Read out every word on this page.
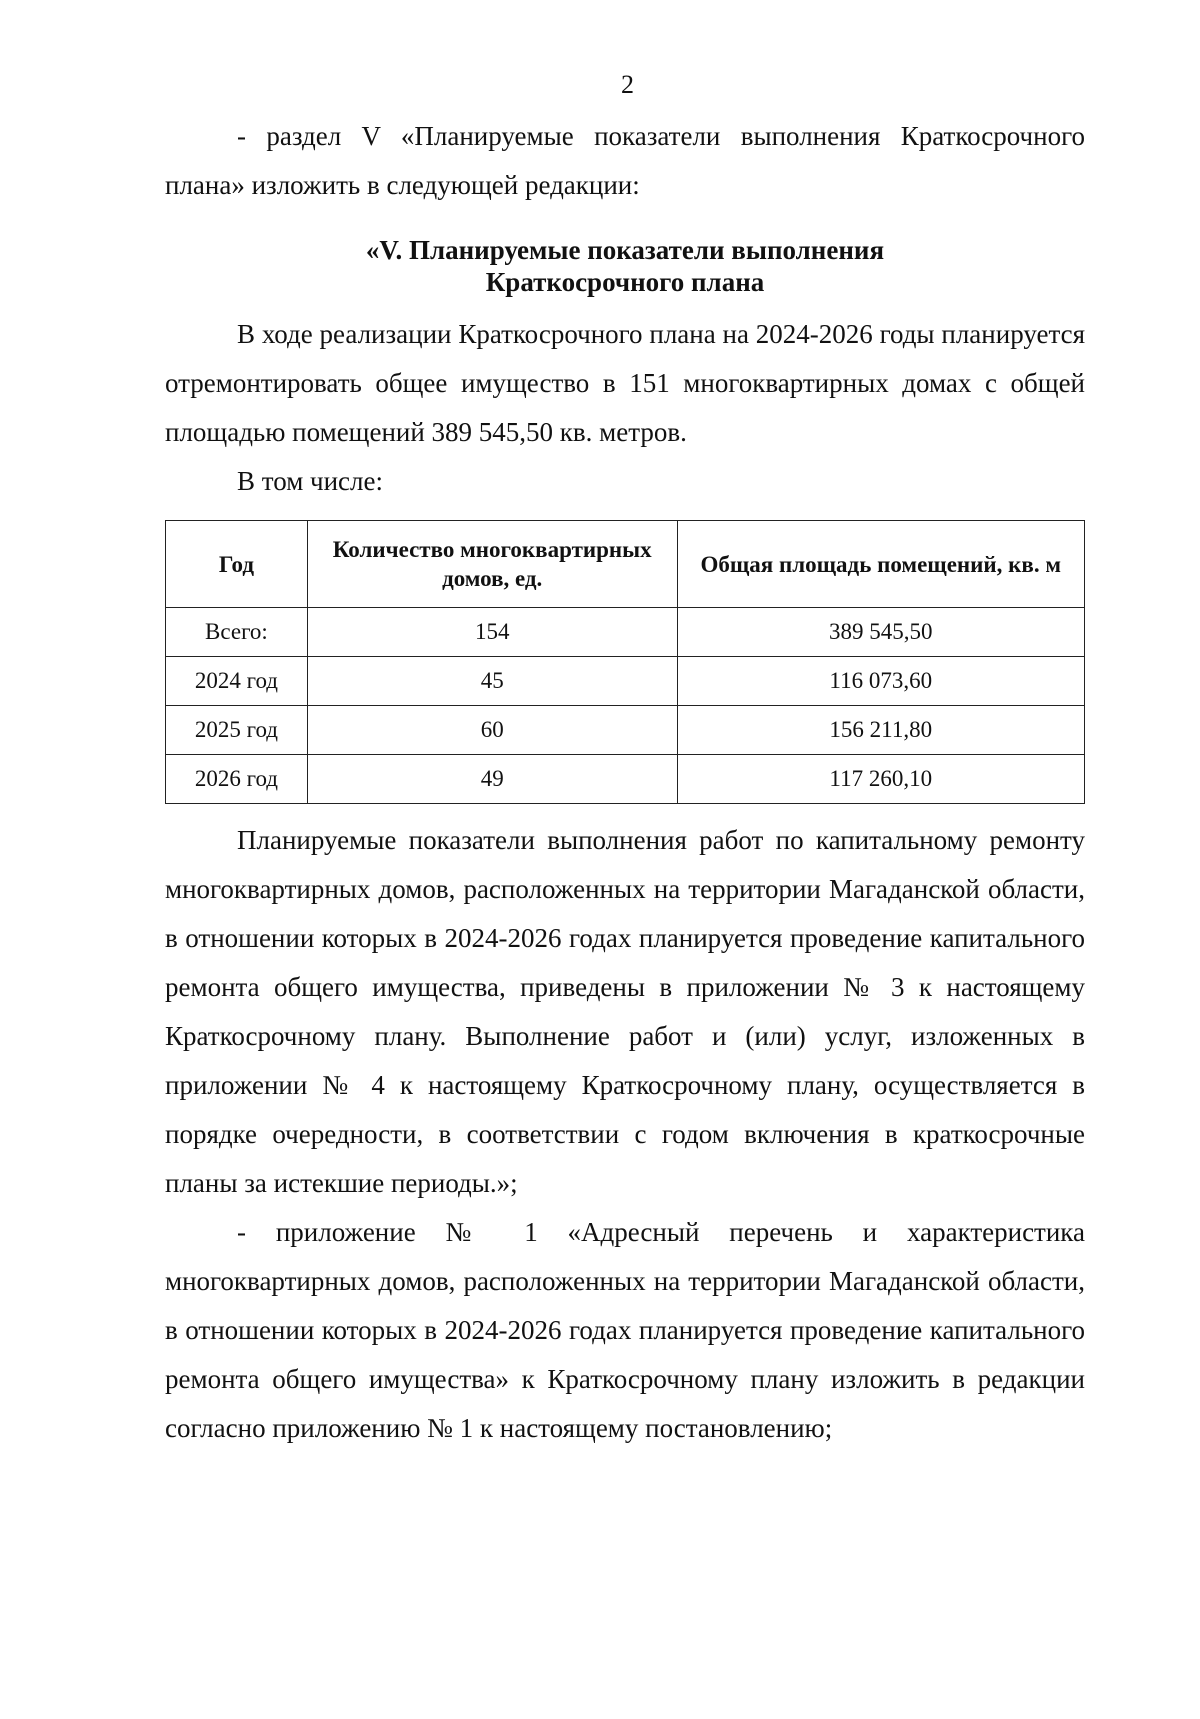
2

- раздел V «Планируемые показатели выполнения Краткосрочного плана» изложить в следующей редакции:

«V. Планируемые показатели выполнения
Краткосрочного плана

В ходе реализации Краткосрочного плана на 2024-2026 годы планируется отремонтировать общее имущество в 151 многоквартирных домах с общей площадью помещений 389 545,50 кв. метров.

В том числе:

Год	Количество многоквартирных домов, ед.	Общая площадь помещений, кв. м
Всего:	154	389 545,50
2024 год	45	116 073,60
2025 год	60	156 211,80
2026 год	49	117 260,10

Планируемые показатели выполнения работ по капитальному ремонту многоквартирных домов, расположенных на территории Магаданской области, в отношении которых в 2024-2026 годах планируется проведение капитального ремонта общего имущества, приведены в приложении № 3 к настоящему Краткосрочному плану. Выполнение работ и (или) услуг, изложенных в приложении № 4 к настоящему Краткосрочному плану, осуществляется в порядке очередности, в соответствии с годом включения в краткосрочные планы за истекшие периоды.»;

- приложение № 1 «Адресный перечень и характеристика многоквартирных домов, расположенных на территории Магаданской области, в отношении которых в 2024-2026 годах планируется проведение капитального ремонта общего имущества» к Краткосрочному плану изложить в редакции согласно приложению № 1 к настоящему постановлению;
